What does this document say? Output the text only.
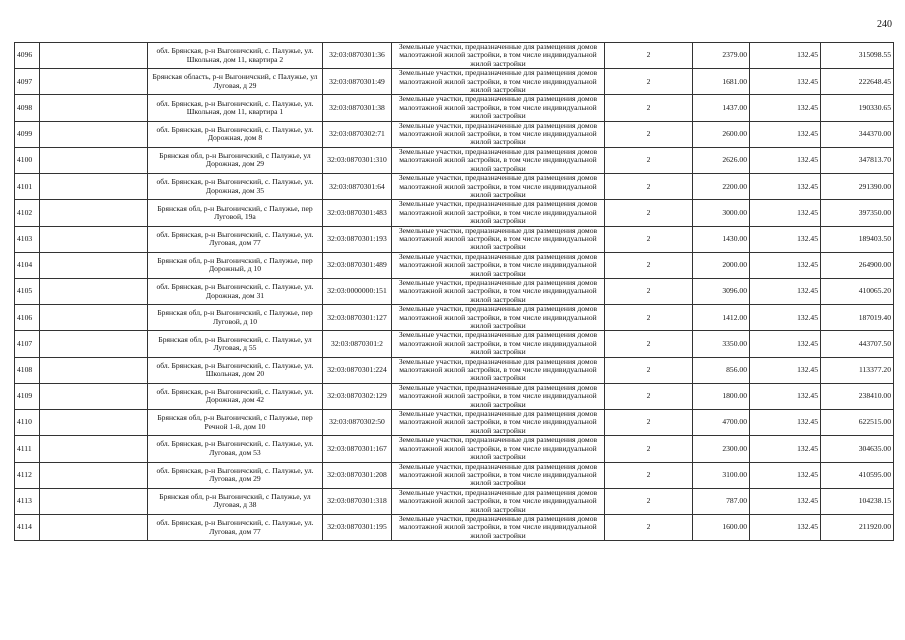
240
4096		обл. Брянская, р-н Выгоничский, с. Палужье, ул. Школьная, дом 11, квартира 2	32:03:0870301:36	Земельные участки, предназначенные для размещения домов малоэтажной жилой застройки, в том числе индивидуальной жилой застройки	2	2379.00	132.45	315098.55
4097		Брянская область, р-н Выгоничский, с Палужье, ул Луговая, д 29	32:03:0870301:49	Земельные участки, предназначенные для размещения домов малоэтажной жилой застройки, в том числе индивидуальной жилой застройки	2	1681.00	132.45	222648.45
4098		обл. Брянская, р-н Выгоничский, с. Палужье, ул. Школьная, дом 11, квартира 1	32:03:0870301:38	Земельные участки, предназначенные для размещения домов малоэтажной жилой застройки, в том числе индивидуальной жилой застройки	2	1437.00	132.45	190330.65
4099		обл. Брянская, р-н Выгоничский, с. Палужье, ул. Дорожная, дом 8	32:03:0870302:71	Земельные участки, предназначенные для размещения домов малоэтажной жилой застройки, в том числе индивидуальной жилой застройки	2	2600.00	132.45	344370.00
4100		Брянская обл, р-н Выгоничский, с Палужье, ул Дорожная, дом 29	32:03:0870301:310	Земельные участки, предназначенные для размещения домов малоэтажной жилой застройки, в том числе индивидуальной жилой застройки	2	2626.00	132.45	347813.70
4101		обл. Брянская, р-н Выгоничский, с. Палужье, ул. Дорожная, дом 35	32:03:0870301:64	Земельные участки, предназначенные для размещения домов малоэтажной жилой застройки, в том числе индивидуальной жилой застройки	2	2200.00	132.45	291390.00
4102		Брянская обл, р-н Выгоничский, с Палужье, пер Луговой, 19а	32:03:0870301:483	Земельные участки, предназначенные для размещения домов малоэтажной жилой застройки, в том числе индивидуальной жилой застройки	2	3000.00	132.45	397350.00
4103		обл. Брянская, р-н Выгоничский, с. Палужье, ул. Луговая, дом 77	32:03:0870301:193	Земельные участки, предназначенные для размещения домов малоэтажной жилой застройки, в том числе индивидуальной жилой застройки	2	1430.00	132.45	189403.50
4104		Брянская обл, р-н Выгоничский, с Палужье, пер Дорожный, д 10	32:03:0870301:489	Земельные участки, предназначенные для размещения домов малоэтажной жилой застройки, в том числе индивидуальной жилой застройки	2	2000.00	132.45	264900.00
4105		обл. Брянская, р-н Выгоничский, с. Палужье, ул. Дорожная, дом 31	32:03:0000000:151	Земельные участки, предназначенные для размещения домов малоэтажной жилой застройки, в том числе индивидуальной жилой застройки	2	3096.00	132.45	410065.20
4106		Брянская обл, р-н Выгоничский, с Палужье, пер Луговой, д 10	32:03:0870301:127	Земельные участки, предназначенные для размещения домов малоэтажной жилой застройки, в том числе индивидуальной жилой застройки	2	1412.00	132.45	187019.40
4107		Брянская обл, р-н Выгоничский, с. Палужье, ул Луговая, д 55	32:03:0870301:2	Земельные участки, предназначенные для размещения домов малоэтажной жилой застройки, в том числе индивидуальной жилой застройки	2	3350.00	132.45	443707.50
4108		обл. Брянская, р-н Выгоничский, с. Палужье, ул. Школьная, дом 20	32:03:0870301:224	Земельные участки, предназначенные для размещения домов малоэтажной жилой застройки, в том числе индивидуальной жилой застройки	2	856.00	132.45	113377.20
4109		обл. Брянская, р-н Выгоничский, с. Палужье, ул. Дорожная, дом 42	32:03:0870302:129	Земельные участки, предназначенные для размещения домов малоэтажной жилой застройки, в том числе индивидуальной жилой застройки	2	1800.00	132.45	238410.00
4110		Брянская обл, р-н Выгоничский, с Палужье, пер Речной 1-й, дом 10	32:03:0870302:50	Земельные участки, предназначенные для размещения домов малоэтажной жилой застройки, в том числе индивидуальной жилой застройки	2	4700.00	132.45	622515.00
4111		обл. Брянская, р-н Выгоничский, с. Палужье, ул. Луговая, дом 53	32:03:0870301:167	Земельные участки, предназначенные для размещения домов малоэтажной жилой застройки, в том числе индивидуальной жилой застройки	2	2300.00	132.45	304635.00
4112		обл. Брянская, р-н Выгоничский, с. Палужье, ул. Луговая, дом 29	32:03:0870301:208	Земельные участки, предназначенные для размещения домов малоэтажной жилой застройки, в том числе индивидуальной жилой застройки	2	3100.00	132.45	410595.00
4113		Брянская обл, р-н Выгоничский, с Палужье, ул Луговая, д 38	32:03:0870301:318	Земельные участки, предназначенные для размещения домов малоэтажной жилой застройки, в том числе индивидуальной жилой застройки	2	787.00	132.45	104238.15
4114		обл. Брянская, р-н Выгоничский, с. Палужье, ул. Луговая, дом 77	32:03:0870301:195	Земельные участки, предназначенные для размещения домов малоэтажной жилой застройки, в том числе индивидуальной жилой застройки	2	1600.00	132.45	211920.00
